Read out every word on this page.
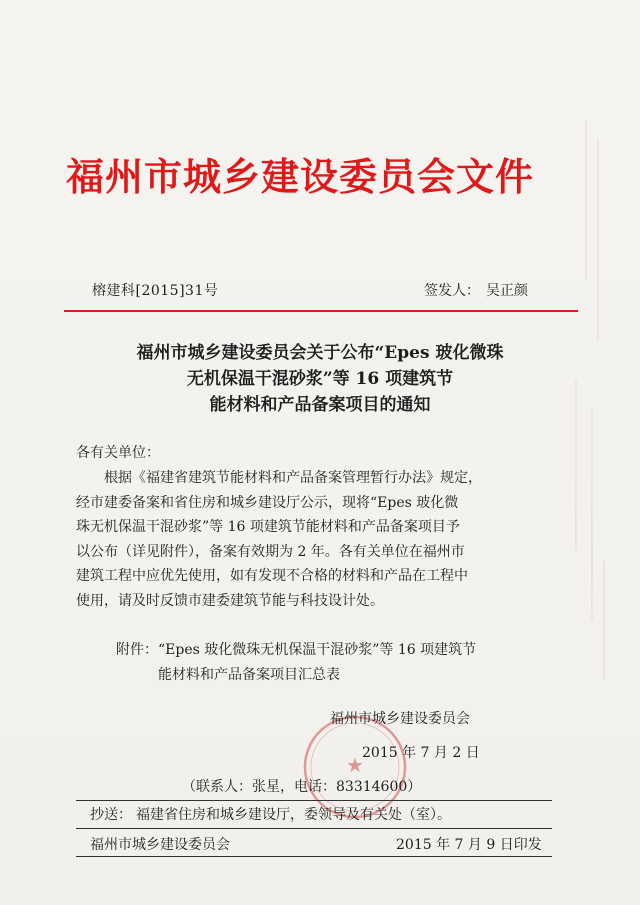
福州市城乡建设委员会文件
榕建科[2015]31号	签发人： 吴正颜
福州市城乡建设委员会关于公布“Epes 玻化微珠
无机保温干混砂浆”等 16 项建筑节
能材料和产品备案项目的通知
各有关单位：
根据《福建省建筑节能材料和产品备案管理暂行办法》规定，
经市建委备案和省住房和城乡建设厅公示，现将“Epes 玻化微
珠无机保温干混砂浆”等 16 项建筑节能材料和产品备案项目予
以公布（详见附件），备案有效期为 2 年。各有关单位在福州市
建筑工程中应优先使用，如有发现不合格的材料和产品在工程中
使用，请及时反馈市建委建筑节能与科技设计处。
附件：“Epes 玻化微珠无机保温干混砂浆”等 16 项建筑节
能材料和产品备案项目汇总表
★
福州市城乡建设委员会
2015 年 7 月 2 日
（联系人：张星，电话：83314600）
抄送： 福建省住房和城乡建设厅，委领导及有关处（室）。
福州市城乡建设委员会	2015 年 7 月 9 日印发
